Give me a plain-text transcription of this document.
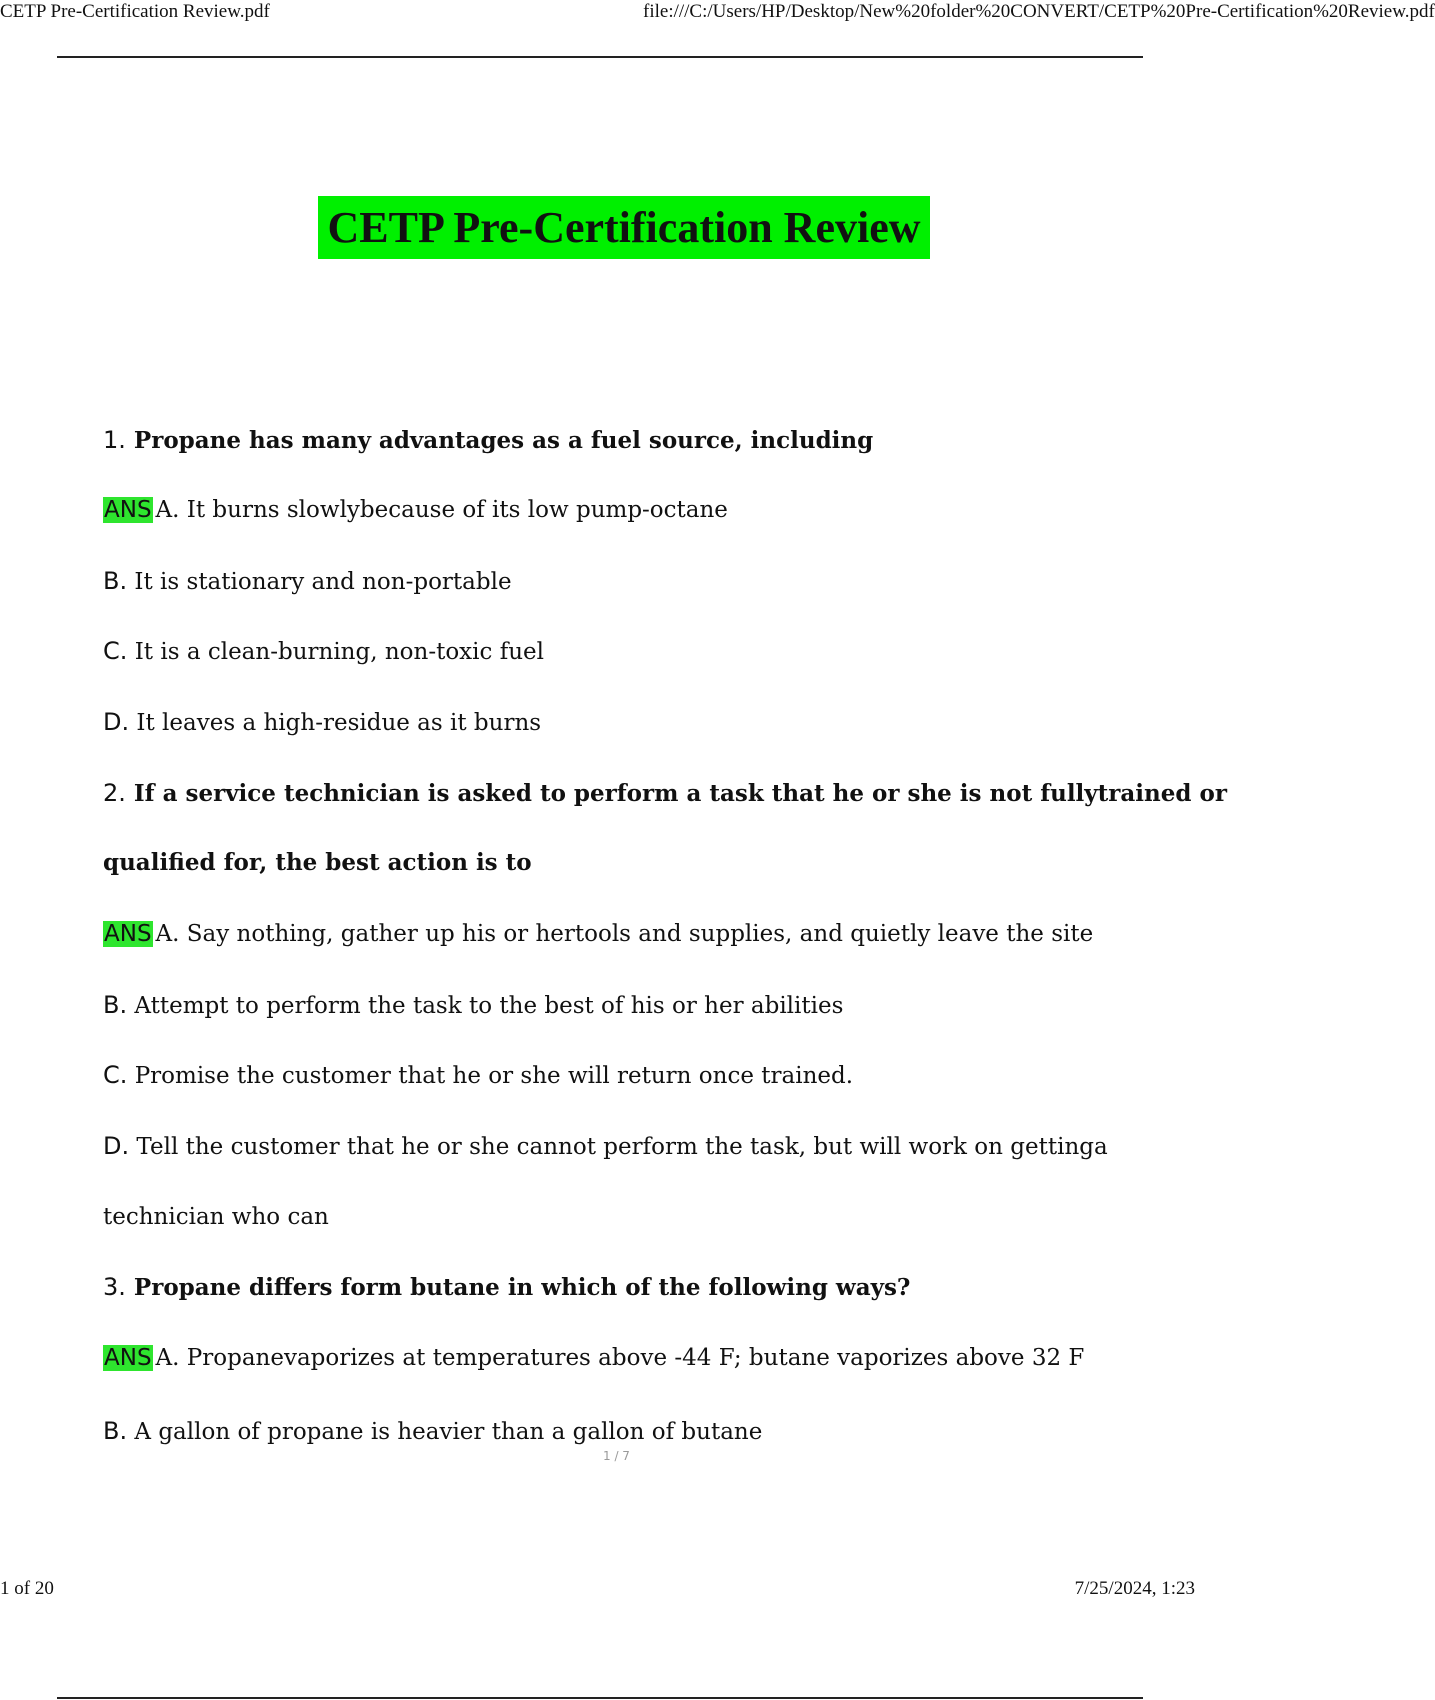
CETP Pre-Certification Review.pdf	file:///C:/Users/HP/Desktop/New%20folder%20CONVERT/CETP%20Pre-Certification%20Review.pdf
CETP Pre-Certification Review
1. Propane has many advantages as a fuel source, including
ANS A. It burns slowlybecause of its low pump-octane
B. It is stationary and non-portable
C. It is a clean-burning, non-toxic fuel
D. It leaves a high-residue as it burns
2. If a service technician is asked to perform a task that he or she is not fullytrained or
qualified for, the best action is to
ANS A. Say nothing, gather up his or hertools and supplies, and quietly leave the site
B. Attempt to perform the task to the best of his or her abilities
C. Promise the customer that he or she will return once trained.
D. Tell the customer that he or she cannot perform the task, but will work on gettinga
technician who can
3. Propane differs form butane in which of the following ways?
ANS A. Propanevaporizes at temperatures above -44 F; butane vaporizes above 32 F
B. A gallon of propane is heavier than a gallon of butane
1 / 7
1 of 20	7/25/2024, 1:23
